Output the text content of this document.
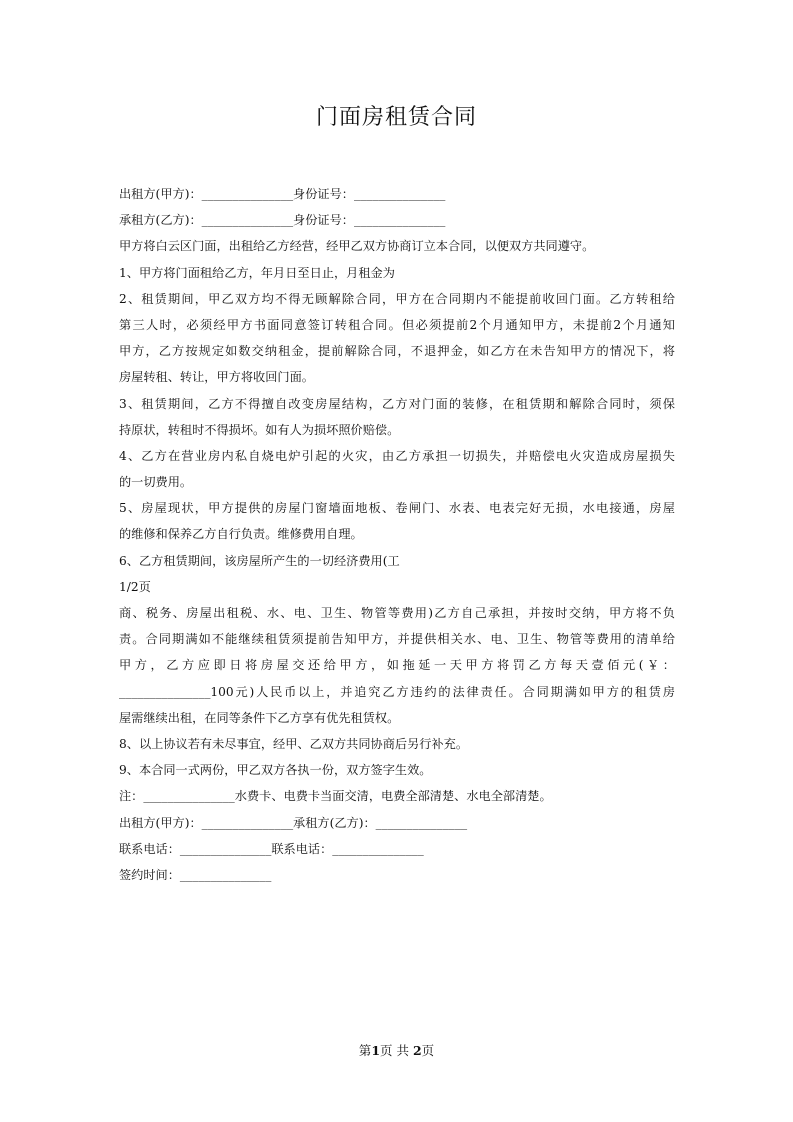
门面房租赁合同
出租方(甲方)：_______________身份证号：_______________
承租方(乙方)：_______________身份证号：_______________
甲方将白云区门面，出租给乙方经营，经甲乙双方协商订立本合同，以便双方共同遵守。
1、甲方将门面租给乙方，年月日至日止，月租金为
2、租赁期间，甲乙双方均不得无顾解除合同，甲方在合同期内不能提前收回门面。乙方转租给
第三人时，必须经甲方书面同意签订转租合同。但必须提前2个月通知甲方，未提前2个月通知
甲方，乙方按规定如数交纳租金，提前解除合同，不退押金，如乙方在未告知甲方的情况下，将
房屋转租、转让，甲方将收回门面。
3、租赁期间，乙方不得擅自改变房屋结构，乙方对门面的装修，在租赁期和解除合同时，须保
持原状，转租时不得损坏。如有人为损坏照价赔偿。
4、乙方在营业房内私自烧电炉引起的火灾，由乙方承担一切损失，并赔偿电火灾造成房屋损失
的一切费用。
5、房屋现状，甲方提供的房屋门窗墙面地板、卷闸门、水表、电表完好无损，水电接通，房屋
的维修和保养乙方自行负责。维修费用自理。
6、乙方租赁期间，该房屋所产生的一切经济费用(工
1/2页
商、税务、房屋出租税、水、电、卫生、物管等费用)乙方自己承担，并按时交纳，甲方将不负
责。合同期满如不能继续租赁须提前告知甲方，并提供相关水、电、卫生、物管等费用的清单给
甲方，乙方应即日将房屋交还给甲方，如拖延一天甲方将罚乙方每天壹佰元(￥：
_______________100元)人民币以上，并追究乙方违约的法律责任。合同期满如甲方的租赁房
屋需继续出租，在同等条件下乙方享有优先租赁权。
8、以上协议若有未尽事宜，经甲、乙双方共同协商后另行补充。
9、本合同一式两份，甲乙双方各执一份，双方签字生效。
注：_______________水费卡、电费卡当面交清，电费全部清楚、水电全部清楚。
出租方(甲方)：_______________承租方(乙方)：_______________
联系电话：_______________联系电话：_______________
签约时间：_______________
第1页 共 2页
